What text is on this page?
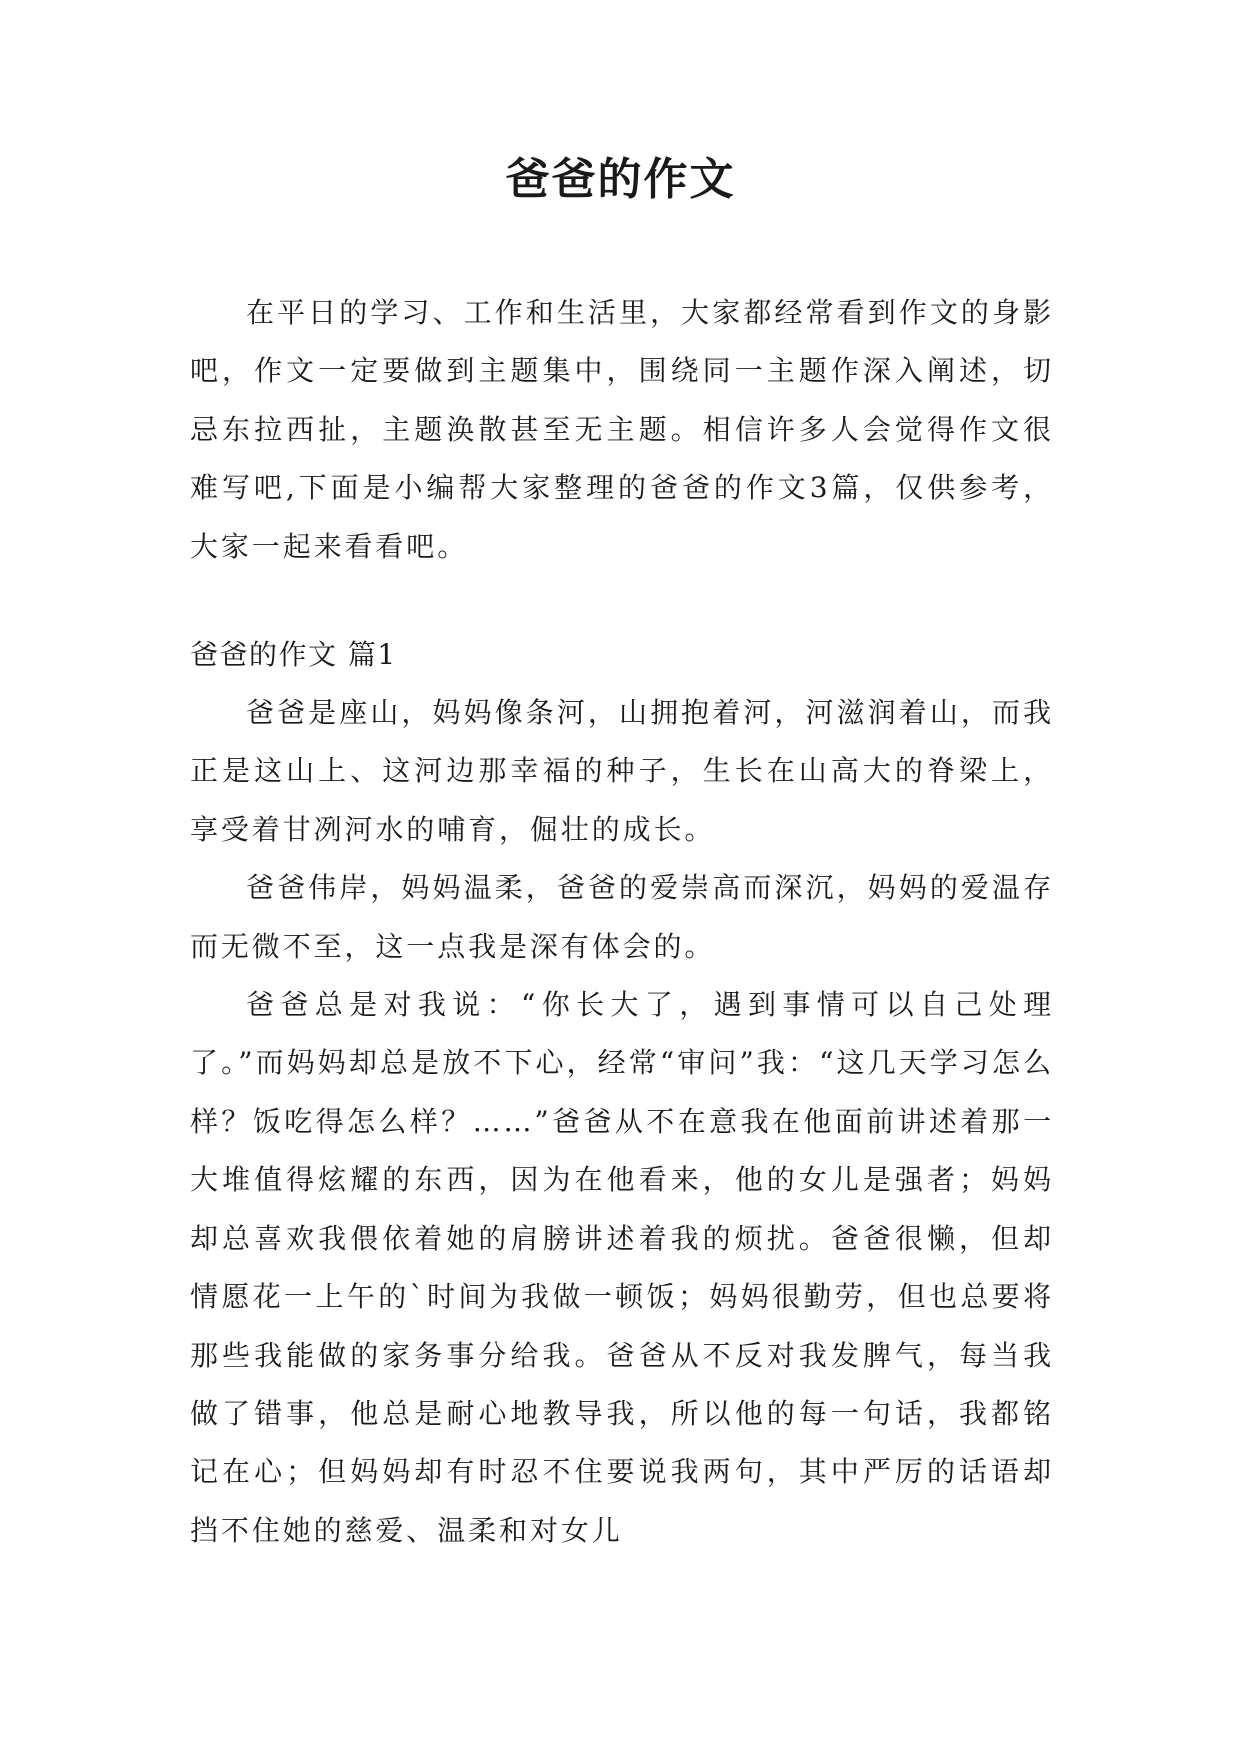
爸爸的作文

在平日的学习、工作和生活里，大家都经常看到作文的身影吧，作文一定要做到主题集中，围绕同一主题作深入阐述，切忌东拉西扯，主题涣散甚至无主题。相信许多人会觉得作文很难写吧,下面是小编帮大家整理的爸爸的作文3篇，仅供参考，大家一起来看看吧。

爸爸的作文 篇1

爸爸是座山，妈妈像条河，山拥抱着河，河滋润着山，而我正是这山上、这河边那幸福的种子，生长在山高大的脊梁上，享受着甘冽河水的哺育，倔壮的成长。

爸爸伟岸，妈妈温柔，爸爸的爱崇高而深沉，妈妈的爱温存而无微不至，这一点我是深有体会的。

爸爸总是对我说：“你长大了，遇到事情可以自己处理了。”而妈妈却总是放不下心，经常“审问”我：“这几天学习怎么样？饭吃得怎么样？……”爸爸从不在意我在他面前讲述着那一大堆值得炫耀的东西，因为在他看来，他的女儿是强者；妈妈却总喜欢我偎依着她的肩膀讲述着我的烦扰。爸爸很懒，但却情愿花一上午的`时间为我做一顿饭；妈妈很勤劳，但也总要将那些我能做的家务事分给我。爸爸从不反对我发脾气，每当我做了错事，他总是耐心地教导我，所以他的每一句话，我都铭记在心；但妈妈却有时忍不住要说我两句，其中严厉的话语却挡不住她的慈爱、温柔和对女儿
